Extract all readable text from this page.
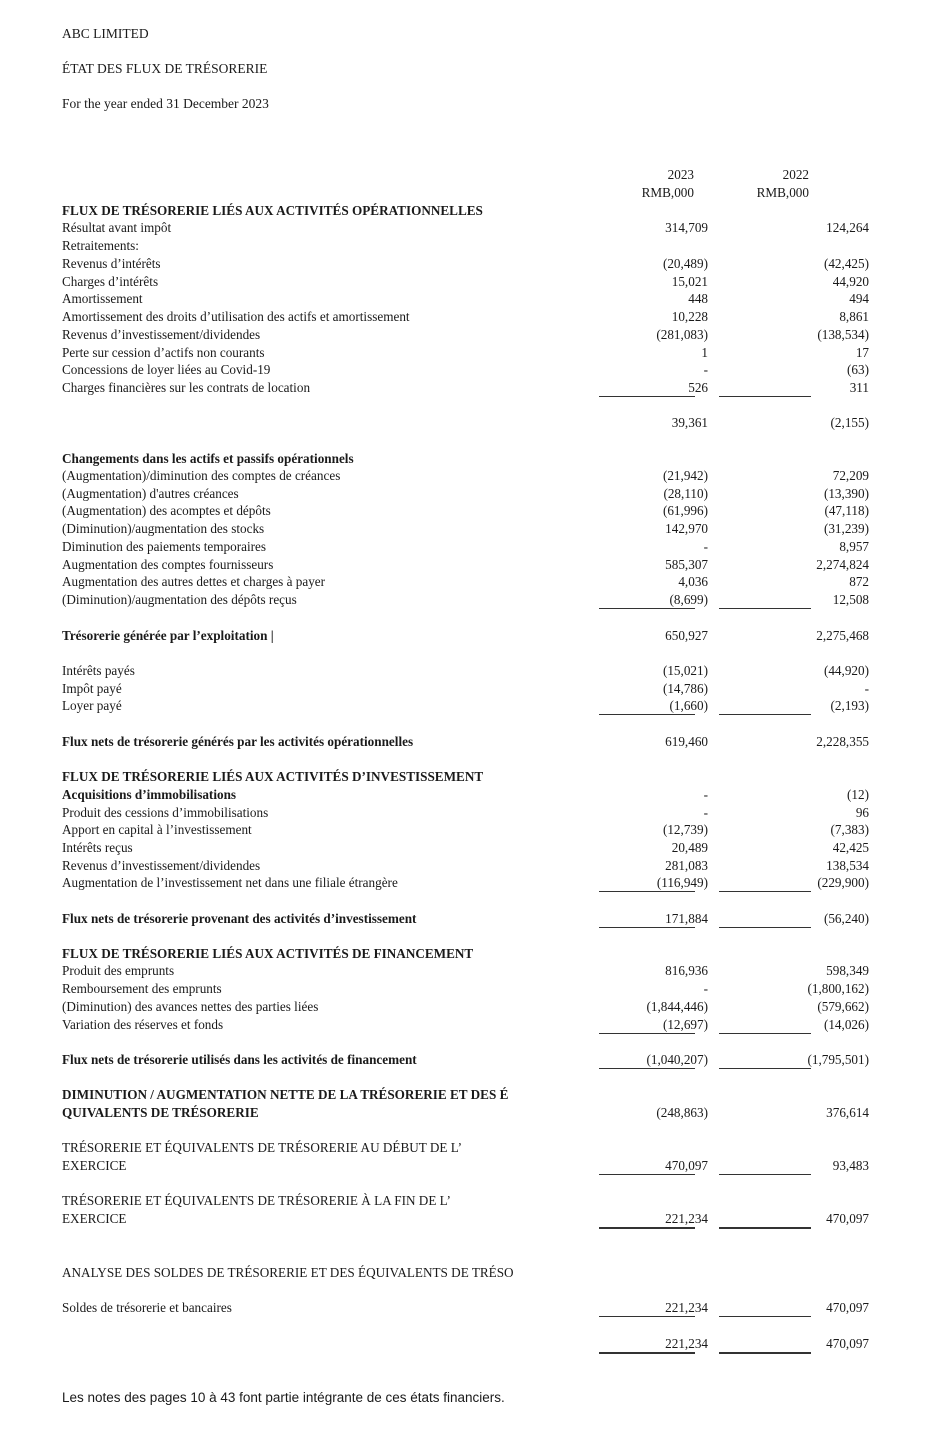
ABC LIMITED
ÉTAT DES FLUX DE TRÉSORERIE
For the year ended 31 December 2023
2023
RMB,000
2022
RMB,000
FLUX DE TRÉSORERIE LIÉS AUX ACTIVITÉS OPÉRATIONNELLES
Résultat avant impôt	314,709	124,264
Retraitements:
Revenus d’intérêts	(20,489)	(42,425)
Charges d’intérêts	15,021	44,920
Amortissement	448	494
Amortissement des droits d’utilisation des actifs et amortissement	10,228	8,861
Revenus d’investissement/dividendes	(281,083)	(138,534)
Perte sur cession d’actifs non courants	1	17
Concessions de loyer liées au Covid-19	-	(63)
Charges financières sur les contrats de location	526	311
39,361	(2,155)
Changements dans les actifs et passifs opérationnels
(Augmentation)/diminution des comptes de créances	(21,942)	72,209
(Augmentation) d'autres créances	(28,110)	(13,390)
(Augmentation) des acomptes et dépôts	(61,996)	(47,118)
(Diminution)/augmentation des stocks	142,970	(31,239)
Diminution des paiements temporaires	-	8,957
Augmentation des comptes fournisseurs	585,307	2,274,824
Augmentation des autres dettes et charges à payer	4,036	872
(Diminution)/augmentation des dépôts reçus	(8,699)	12,508
Trésorerie générée par l’exploitation |	650,927	2,275,468
Intérêts payés	(15,021)	(44,920)
Impôt payé	(14,786)	-
Loyer payé	(1,660)	(2,193)
Flux nets de trésorerie générés par les activités opérationnelles	619,460	2,228,355
FLUX DE TRÉSORERIE LIÉS AUX ACTIVITÉS D’INVESTISSEMENT
Acquisitions d’immobilisations	-	(12)
Produit des cessions d’immobilisations	-	96
Apport en capital à l’investissement	(12,739)	(7,383)
Intérêts reçus	20,489	42,425
Revenus d’investissement/dividendes	281,083	138,534
Augmentation de l’investissement net dans une filiale étrangère	(116,949)	(229,900)
Flux nets de trésorerie provenant des activités d’investissement	171,884	(56,240)
FLUX DE TRÉSORERIE LIÉS AUX ACTIVITÉS DE FINANCEMENT
Produit des emprunts	816,936	598,349
Remboursement des emprunts	-	(1,800,162)
(Diminution) des avances nettes des parties liées	(1,844,446)	(579,662)
Variation des réserves et fonds	(12,697)	(14,026)
Flux nets de trésorerie utilisés dans les activités de financement	(1,040,207)	(1,795,501)
DIMINUTION / AUGMENTATION NETTE DE LA TRÉSORERIE ET DES É
QUIVALENTS DE TRÉSORERIE	(248,863)	376,614
TRÉSORERIE ET ÉQUIVALENTS DE TRÉSORERIE AU DÉBUT DE L’
EXERCICE	470,097	93,483
TRÉSORERIE ET ÉQUIVALENTS DE TRÉSORERIE À LA FIN DE L’
EXERCICE	221,234	470,097
ANALYSE DES SOLDES DE TRÉSORERIE ET DES ÉQUIVALENTS DE TRÉSO
Soldes de trésorerie et bancaires	221,234	470,097
221,234	470,097
Les notes des pages 10 à 43 font partie intégrante de ces états financiers.
